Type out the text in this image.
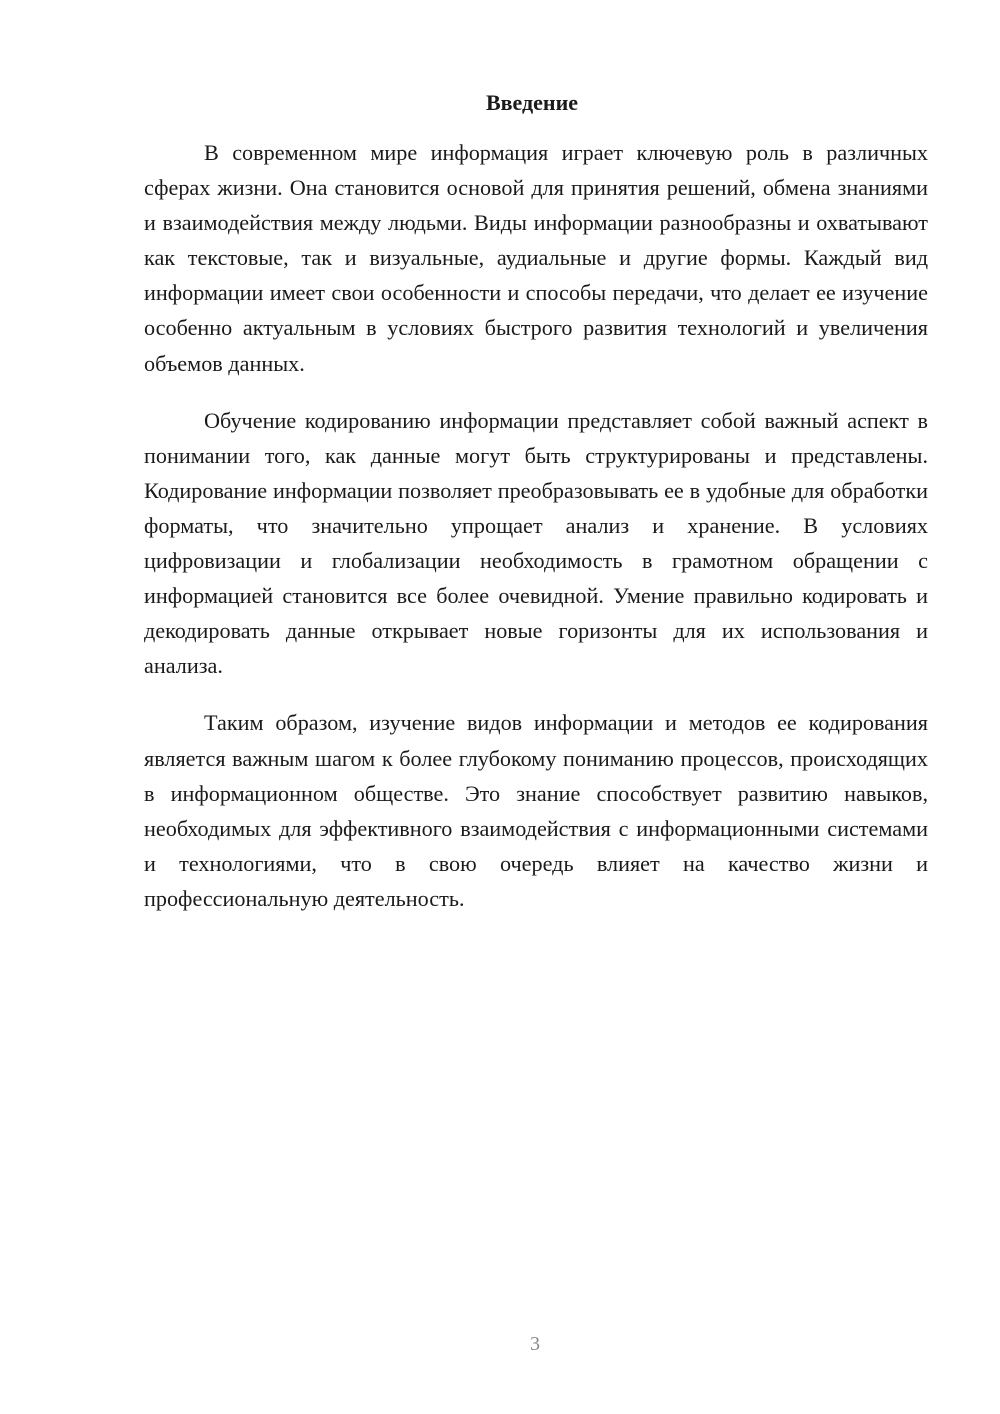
Введение

В современном мире информация играет ключевую роль в различных сферах жизни. Она становится основой для принятия решений, обмена знаниями и взаимодействия между людьми. Виды информации разнообразны и охватывают как текстовые, так и визуальные, аудиальные и другие формы. Каждый вид информации имеет свои особенности и способы передачи, что делает ее изучение особенно актуальным в условиях быстрого развития технологий и увеличения объемов данных.

Обучение кодированию информации представляет собой важный аспект в понимании того, как данные могут быть структурированы и представлены. Кодирование информации позволяет преобразовывать ее в удобные для обработки форматы, что значительно упрощает анализ и хранение. В условиях цифровизации и глобализации необходимость в грамотном обращении с информацией становится все более очевидной. Умение правильно кодировать и декодировать данные открывает новые горизонты для их использования и анализа.

Таким образом, изучение видов информации и методов ее кодирования является важным шагом к более глубокому пониманию процессов, происходящих в информационном обществе. Это знание способствует развитию навыков, необходимых для эффективного взаимодействия с информационными системами и технологиями, что в свою очередь влияет на качество жизни и профессиональную деятельность.

3
